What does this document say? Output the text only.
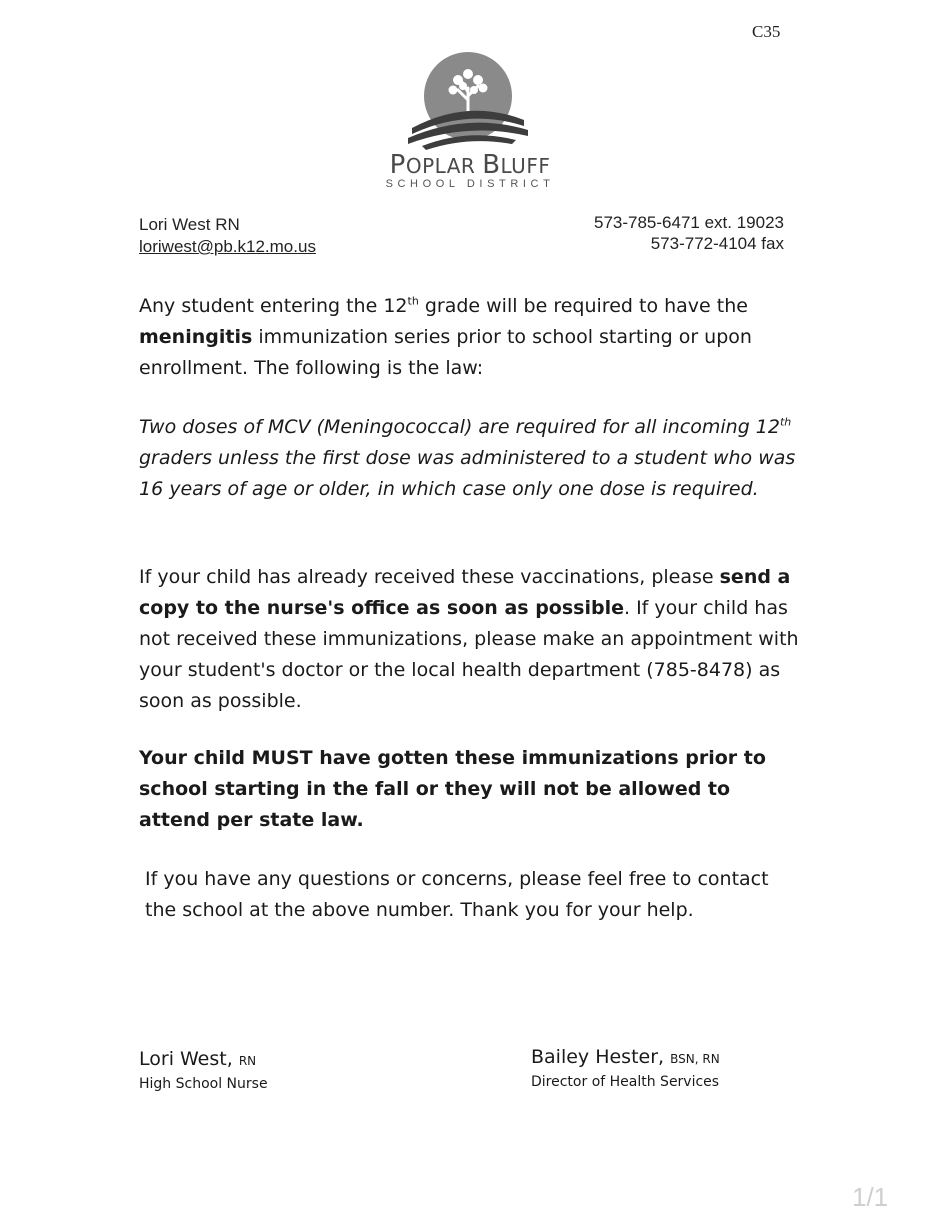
C35
POPLAR BLUFF
SCHOOL DISTRICT
Lori West RN
loriwest@pb.k12.mo.us
573-785-6471 ext. 19023
573-772-4104 fax
Any student entering the 12th grade will be required to have the meningitis immunization series prior to school starting or upon enrollment. The following is the law:
Two doses of MCV (Meningococcal) are required for all incoming 12th graders unless the first dose was administered to a student who was 16 years of age or older, in which case only one dose is required.
If your child has already received these vaccinations, please send a copy to the nurse's office as soon as possible. If your child has not received these immunizations, please make an appointment with your student's doctor or the local health department (785-8478) as soon as possible.
Your child MUST have gotten these immunizations prior to school starting in the fall or they will not be allowed to attend per state law.
If you have any questions or concerns, please feel free to contact the school at the above number. Thank you for your help.
Lori West, RN
High School Nurse
Bailey Hester, BSN, RN
Director of Health Services
1/1
